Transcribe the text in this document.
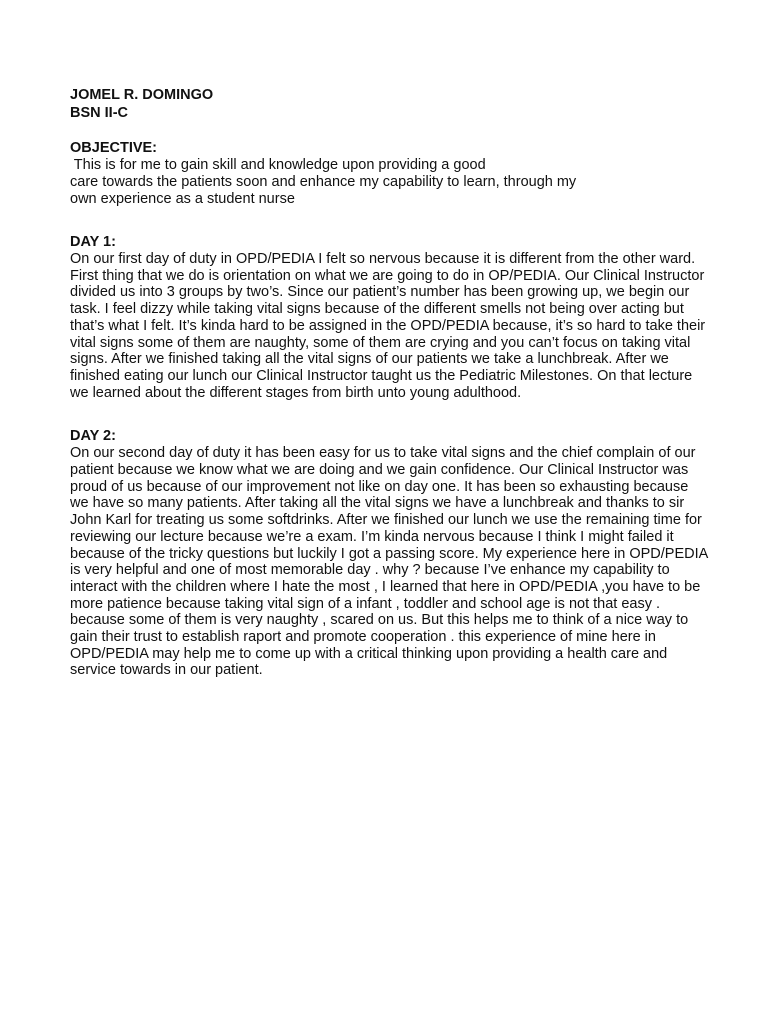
JOMEL R. DOMINGO

BSN II-C

OBJECTIVE:

This is for me to gain skill and knowledge upon providing a good

care towards the patients soon and enhance my capability to learn, through my

own experience as a student nurse

DAY 1:

On our first day of duty in OPD/PEDIA I felt so nervous because it is different from the other ward. First thing that we do is orientation on what we are going to do in OP/PEDIA. Our Clinical Instructor divided us into 3 groups by two’s. Since our patient’s number has been growing up, we begin our task. I feel dizzy while taking vital signs because of the different smells not being over acting but that’s what I felt. It’s kinda hard to be assigned in the OPD/PEDIA because, it’s so hard to take their vital signs some of them are naughty, some of them are crying and you can’t focus on taking vital signs. After we finished taking all the vital signs of our patients we take a lunchbreak. After we finished eating our lunch our Clinical Instructor taught us the Pediatric Milestones. On that lecture we learned about the different stages from birth unto young adulthood.

DAY 2:

On our second day of duty it has been easy for us to take vital signs and the chief complain of our patient because we know what we are doing and we gain confidence. Our Clinical Instructor was proud of us because of our improvement not like on day one. It has been so exhausting because we have so many patients. After taking all the vital signs we have a lunchbreak and thanks to sir John Karl for treating us some softdrinks. After we finished our lunch we use the remaining time for reviewing our lecture because we’re a exam. I’m kinda nervous because I think I might failed it because of the tricky questions but luckily I got a passing score. My experience here in OPD/PEDIA is very helpful and one of most memorable day . why ? because I’ve enhance my capability to interact with the children where I hate the most , I learned that here in OPD/PEDIA ,you have to be more patience because taking vital sign of a infant , toddler and school age is not that easy . because some of them is very naughty , scared on us. But this helps me to think of a nice way to gain their trust to establish raport and promote cooperation . this experience of mine here in OPD/PEDIA may help me to come up with a critical thinking upon providing a health care and service towards in our patient.
